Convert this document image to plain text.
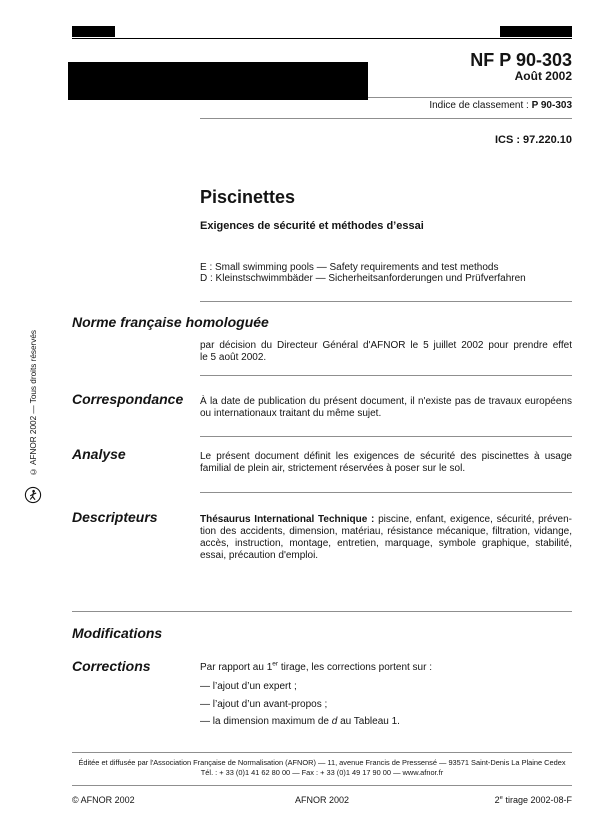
NF P 90-303
Août 2002
Indice de classement : P 90-303
ICS : 97.220.10
Piscinettes
Exigences de sécurité et méthodes d’essai
E : Small swimming pools — Safety requirements and test methods
D : Kleinstschwimmbäder — Sicherheitsanforderungen und Prüfverfahren
Norme française homologuée
par décision du Directeur Général d'AFNOR le 5 juillet 2002 pour prendre effet
le 5 août 2002.
Correspondance À la date de publication du présent document, il n'existe pas de travaux européens
ou internationaux traitant du même sujet.
Analyse	Le présent document définit les exigences de sécurité des piscinettes à usage
familial de plein air, strictement réservées à poser sur le sol.
Descripteurs	Thésaurus International Technique : piscine, enfant, exigence, sécurité, préven-
tion des accidents, dimension, matériau, résistance mécanique, filtration, vidange,
accès, instruction, montage, entretien, marquage, symbole graphique, stabilité,
essai, précaution d'emploi.
Modifications
Corrections	Par rapport au 1er tirage, les corrections portent sur :
— l’ajout d’un expert ;
— l’ajout d’un avant-propos ;
— la dimension maximum de d au Tableau 1.
Éditée et diffusée par l'Association Française de Normalisation (AFNOR) — 11, avenue Francis de Pressensé — 93571 Saint-Denis La Plaine Cedex
Tél. : + 33 (0)1 41 62 80 00 — Fax : + 33 (0)1 49 17 90 00 — www.afnor.fr
© AFNOR 2002	AFNOR 2002	2e tirage 2002-08-F
© AFNOR 2002 — Tous droits réservés
